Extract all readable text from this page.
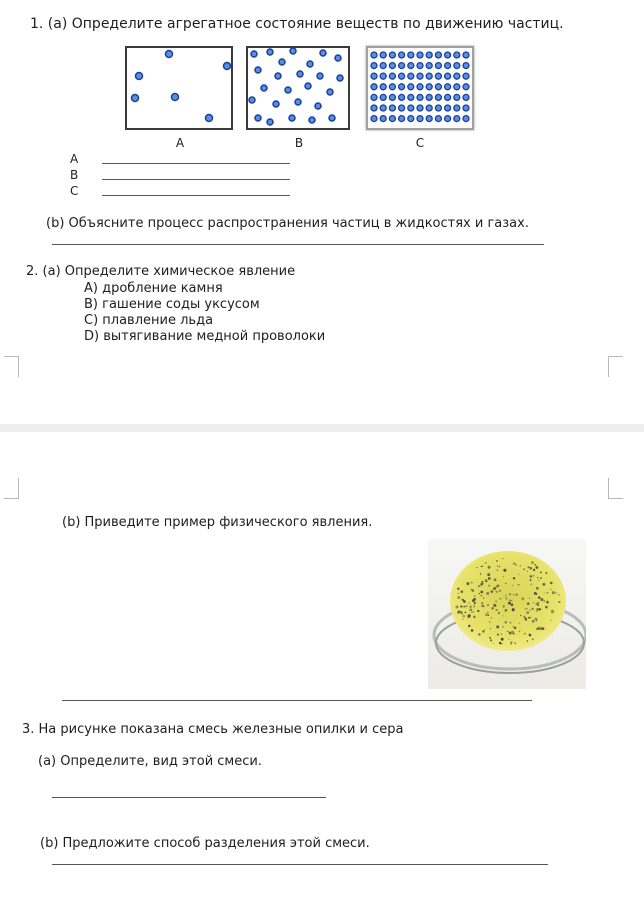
1. (а) Определите агрегатное состояние веществ по движению частиц.
A	B	C
A
B
C
(b) Объясните процесс распространения частиц в жидкостях и газах.
2. (а) Определите химическое явление
A) дробление камня
B) гашение соды уксусом
C) плавление льда
D) вытягивание медной проволоки
(b) Приведите пример физического явления.
3. На рисунке показана смесь железные опилки и сера
(a) Определите, вид этой смеси.
(b) Предложите способ разделения этой смеси.
